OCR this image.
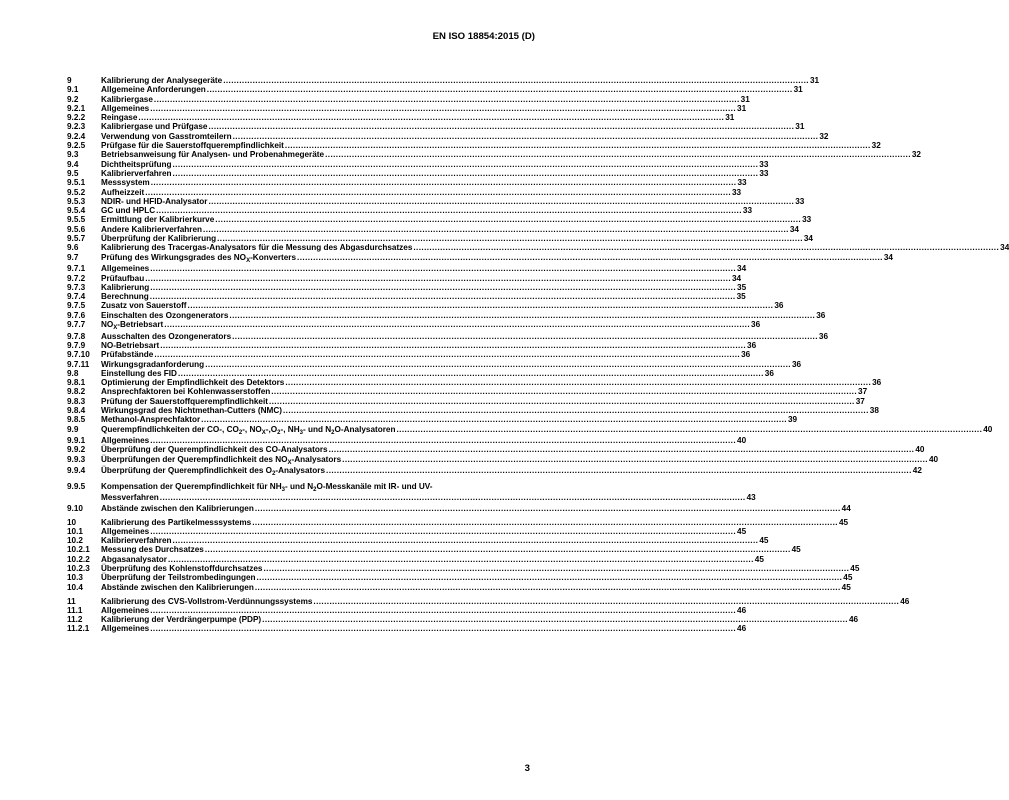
EN ISO 18854:2015 (D)
9	Kalibrierung der Analysegeräte .....	31
9.1	Allgemeine Anforderungen .....	31
9.2	Kalibriergase .....	31
9.2.1	Allgemeines .....	31
9.2.2	Reingase .....	31
9.2.3	Kalibriergase und Prüfgase .....	31
9.2.4	Verwendung von Gasstromteilern .....	32
9.2.5	Prüfgase für die Sauerstoffquerempfindlichkeit .....	32
9.3	Betriebsanweisung für Analysen- und Probenahmegeräte .....	32
9.4	Dichtheitsprüfung .....	33
9.5	Kalibrierverfahren .....	33
9.5.1	Messsystem .....	33
9.5.2	Aufheizzeit .....	33
9.5.3	NDIR- und HFID-Analysator .....	33
9.5.4	GC und HPLC .....	33
9.5.5	Ermittlung der Kalibrierkurve .....	33
9.5.6	Andere Kalibrierverfahren .....	34
9.5.7	Überprüfung der Kalibrierung .....	34
9.6	Kalibrierung des Tracergas-Analysators für die Messung des Abgasdurchsatzes .....	34
9.7	Prüfung des Wirkungsgrades des $NO_X$-Konverters .....	34
9.7.1	Allgemeines .....	34
9.7.2	Prüfaufbau .....	34
9.7.3	Kalibrierung .....	35
9.7.4	Berechnung .....	35
9.7.5	Zusatz von Sauerstoff .....	36
9.7.6	Einschalten des Ozongenerators .....	36
9.7.7	$NO_X$-Betriebsart .....	36
9.7.8	Ausschalten des Ozongenerators .....	36
9.7.9	NO-Betriebsart .....	36
9.7.10	Prüfabstände .....	36
9.7.11	Wirkungsgradanforderung .....	36
9.8	Einstellung des FID .....	36
9.8.1	Optimierung der Empfindlichkeit des Detektors .....	36
9.8.2	Ansprechfaktoren bei Kohlenwasserstoffen .....	37
9.8.3	Prüfung der Sauerstoffquerempfindlichkeit .....	37
9.8.4	Wirkungsgrad des Nichtmethan-Cutters (NMC) .....	38
9.8.5	Methanol-Ansprechfaktor .....	39
9.9	Querempfindlichkeiten der CO-, $CO_2-$, $NO_X-,O_2-$, $NH_3-$ und $N_2O$-Analysatoren .....	40
9.9.1	Allgemeines .....	40
9.9.2	Überprüfung der Querempfindlichkeit des CO-Analysators .....	40
9.9.3	Überprüfungen der Querempfindlichkeit des $NO_X$-Analysators .....	40
9.9.4	Überprüfung der Querempfindlichkeit des $O_2$-Analysators .....	42
9.9.5	Kompensation der Querempfindlichkeit für $NH_3-$ und $N_2O$-Messkanäle mit IR- und UV-
Messverfahren .....	43
9.10	Abstände zwischen den Kalibrierungen .....	44
10	Kalibrierung des Partikelmesssystems .....	45
10.1	Allgemeines .....	45
10.2	Kalibrierverfahren .....	45
10.2.1	Messung des Durchsatzes .....	45
10.2.2	Abgasanalysator .....	45
10.2.3	Überprüfung des Kohlenstoffdurchsatzes .....	45
10.3	Überprüfung der Teilstrombedingungen .....	45
10.4	Abstände zwischen den Kalibrierungen .....	45
11	Kalibrierung des CVS-Vollstrom-Verdünnungssystems .....	46
11.1	Allgemeines .....	46
11.2	Kalibrierung der Verdrängerpumpe (PDP) .....	46
11.2.1	Allgemeines .....	46
3
